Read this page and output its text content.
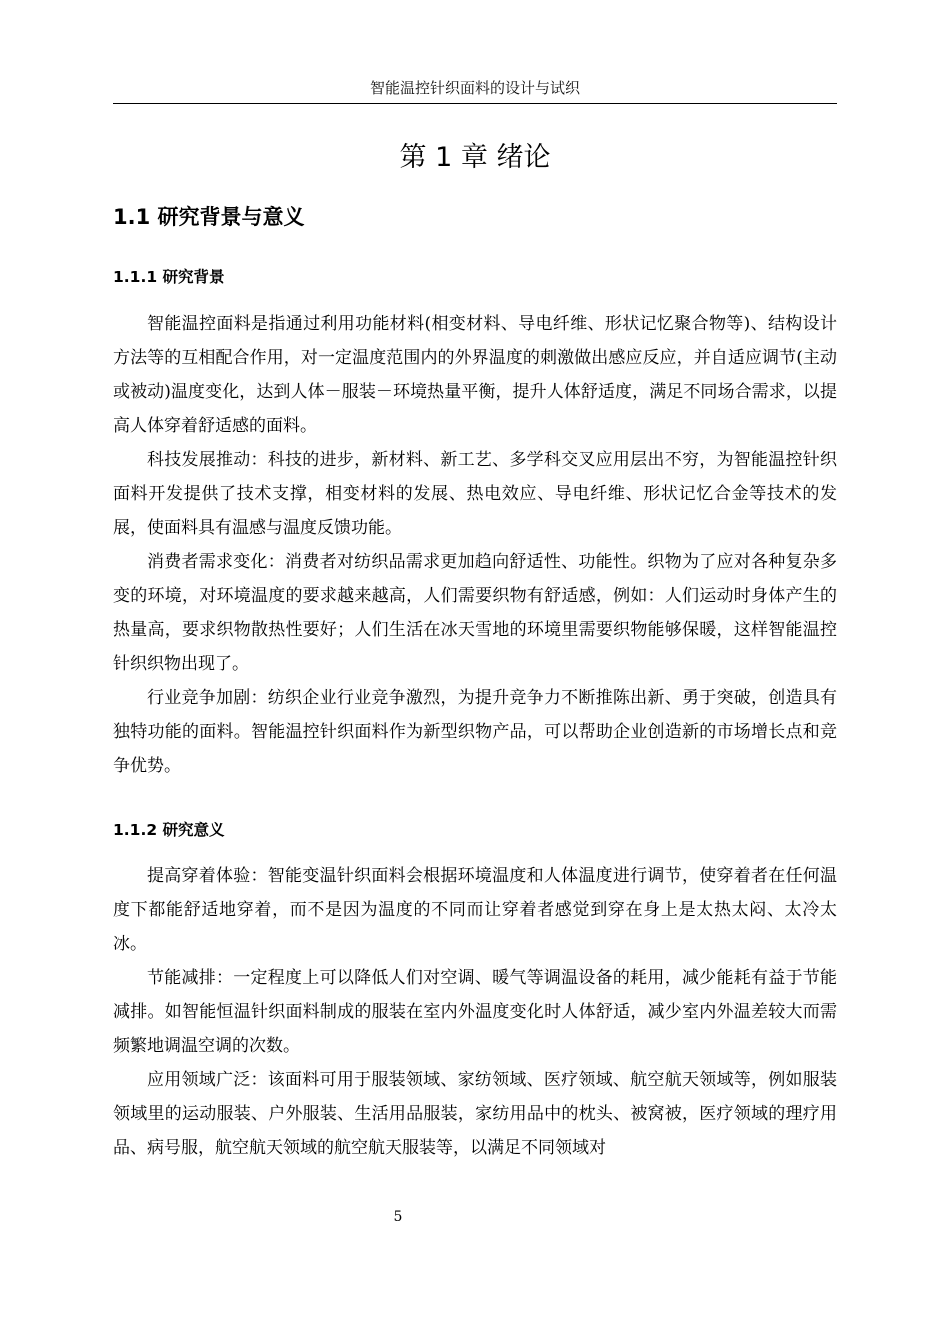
智能温控针织面料的设计与试织
第 1 章 绪论
1.1 研究背景与意义
1.1.1 研究背景

智能温控面料是指通过利用功能材料(相变材料、导电纤维、形状记忆聚合物等)、结构设计方法等的互相配合作用，对一定温度范围内的外界温度的刺激做出感应反应，并自适应调节(主动或被动)温度变化，达到人体－服装－环境热量平衡，提升人体舒适度，满足不同场合需求，以提高人体穿着舒适感的面料。

科技发展推动：科技的进步，新材料、新工艺、多学科交叉应用层出不穷，为智能温控针织面料开发提供了技术支撑，相变材料的发展、热电效应、导电纤维、形状记忆合金等技术的发展，使面料具有温感与温度反馈功能。

消费者需求变化：消费者对纺织品需求更加趋向舒适性、功能性。织物为了应对各种复杂多变的环境，对环境温度的要求越来越高，人们需要织物有舒适感，例如：人们运动时身体产生的热量高，要求织物散热性要好；人们生活在冰天雪地的环境里需要织物能够保暖，这样智能温控针织织物出现了。

行业竞争加剧：纺织企业行业竞争激烈，为提升竞争力不断推陈出新、勇于突破，创造具有独特功能的面料。智能温控针织面料作为新型织物产品，可以帮助企业创造新的市场增长点和竞争优势。

1.1.2 研究意义

提高穿着体验：智能变温针织面料会根据环境温度和人体温度进行调节，使穿着者在任何温度下都能舒适地穿着，而不是因为温度的不同而让穿着者感觉到穿在身上是太热太闷、太冷太冰。

节能减排：一定程度上可以降低人们对空调、暖气等调温设备的耗用，减少能耗有益于节能减排。如智能恒温针织面料制成的服装在室内外温度变化时人体舒适，减少室内外温差较大而需频繁地调温空调的次数。

应用领域广泛：该面料可用于服装领域、家纺领域、医疗领域、航空航天领域等，例如服装领域里的运动服装、户外服装、生活用品服装，家纺用品中的枕头、被窝被，医疗领域的理疗用品、病号服，航空航天领域的航空航天服装等，以满足不同领域对

5
